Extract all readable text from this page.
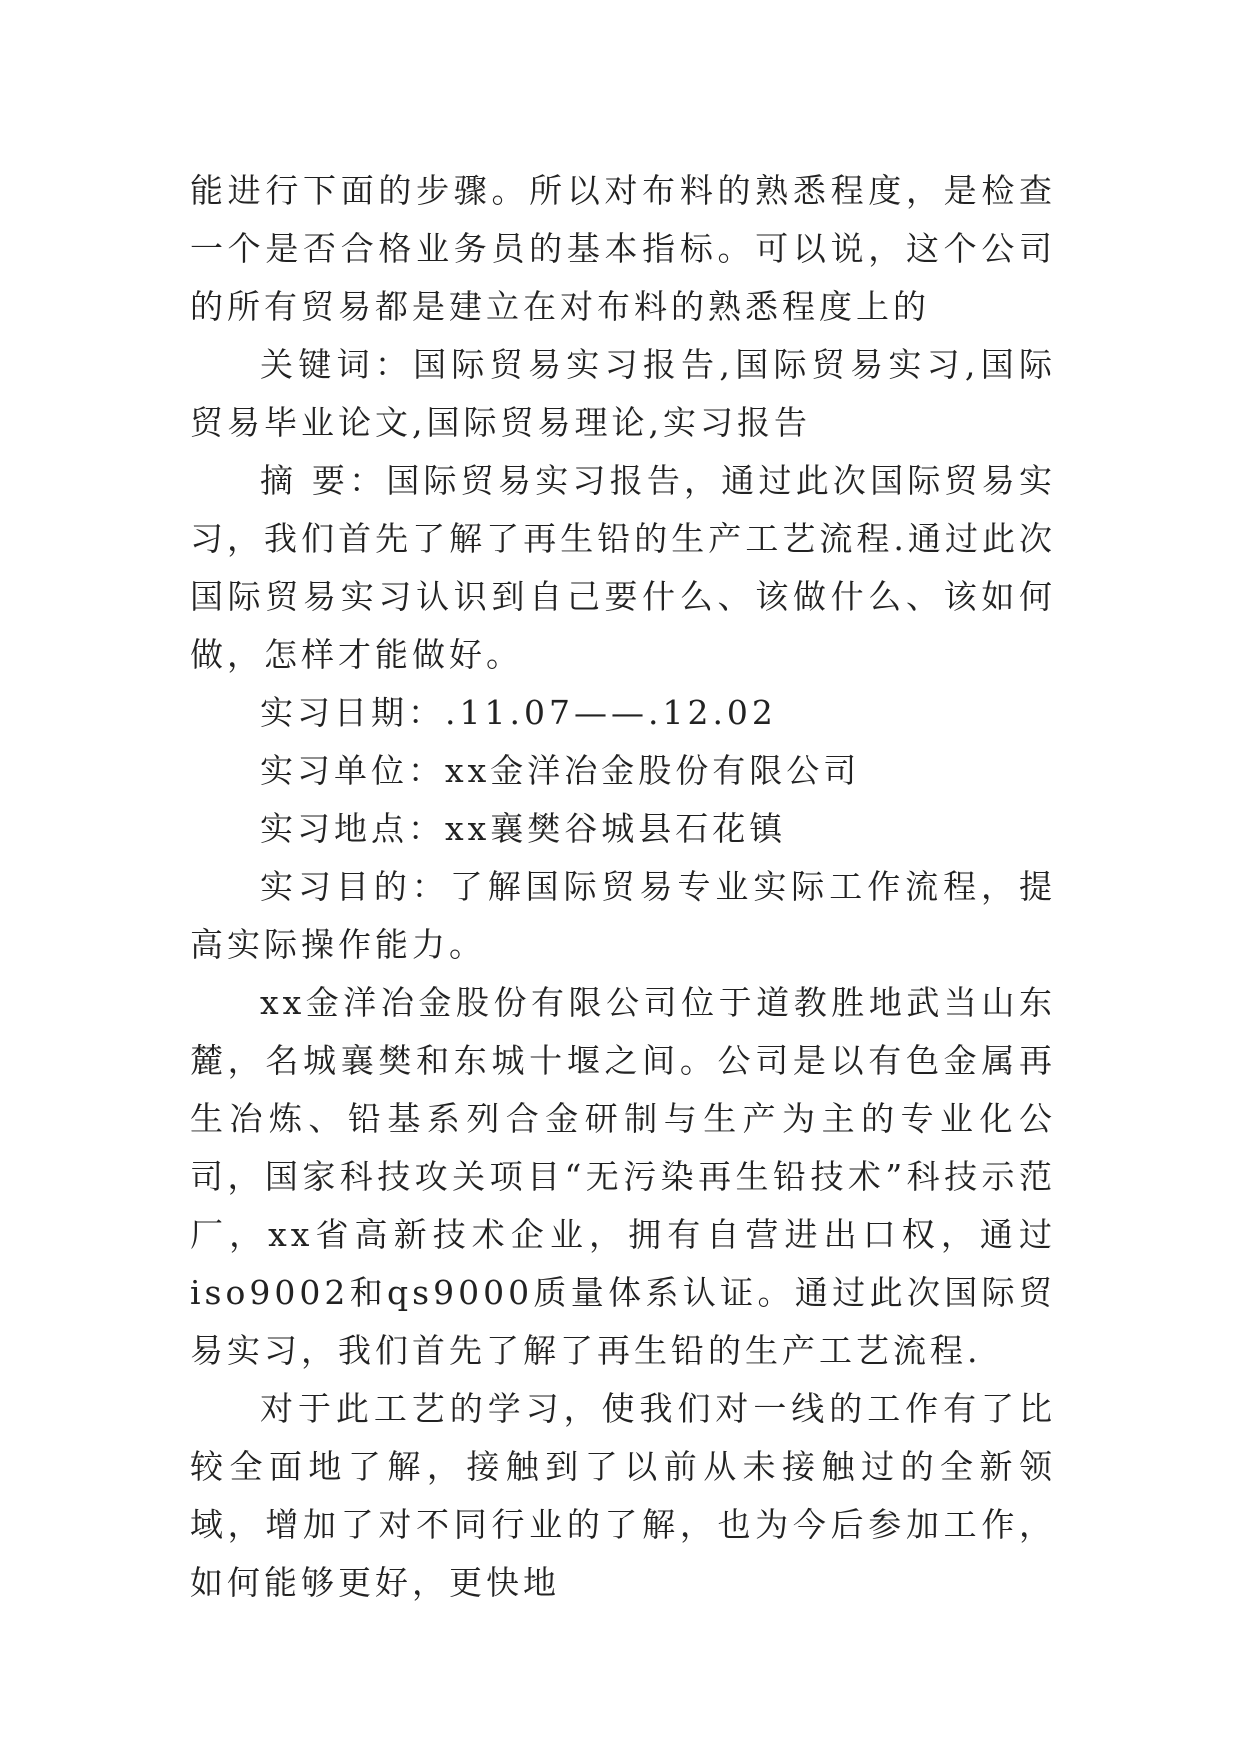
能进行下面的步骤。所以对布料的熟悉程度，是检查一个是否合格业务员的基本指标。可以说，这个公司的所有贸易都是建立在对布料的熟悉程度上的

关键词：国际贸易实习报告,国际贸易实习,国际贸易毕业论文,国际贸易理论,实习报告

摘 要：国际贸易实习报告，通过此次国际贸易实习，我们首先了解了再生铅的生产工艺流程.通过此次国际贸易实习认识到自己要什么、该做什么、该如何做，怎样才能做好。

实习日期：.11.07——.12.02

实习单位：xx金洋冶金股份有限公司

实习地点：xx襄樊谷城县石花镇

实习目的：了解国际贸易专业实际工作流程，提高实际操作能力。

xx金洋冶金股份有限公司位于道教胜地武当山东麓，名城襄樊和东城十堰之间。公司是以有色金属再生冶炼、铅基系列合金研制与生产为主的专业化公司，国家科技攻关项目“无污染再生铅技术”科技示范厂，xx省高新技术企业，拥有自营进出口权，通过iso9002和qs9000质量体系认证。通过此次国际贸易实习，我们首先了解了再生铅的生产工艺流程.

对于此工艺的学习，使我们对一线的工作有了比较全面地了解，接触到了以前从未接触过的全新领域，增加了对不同行业的了解，也为今后参加工作，如何能够更好，更快地
